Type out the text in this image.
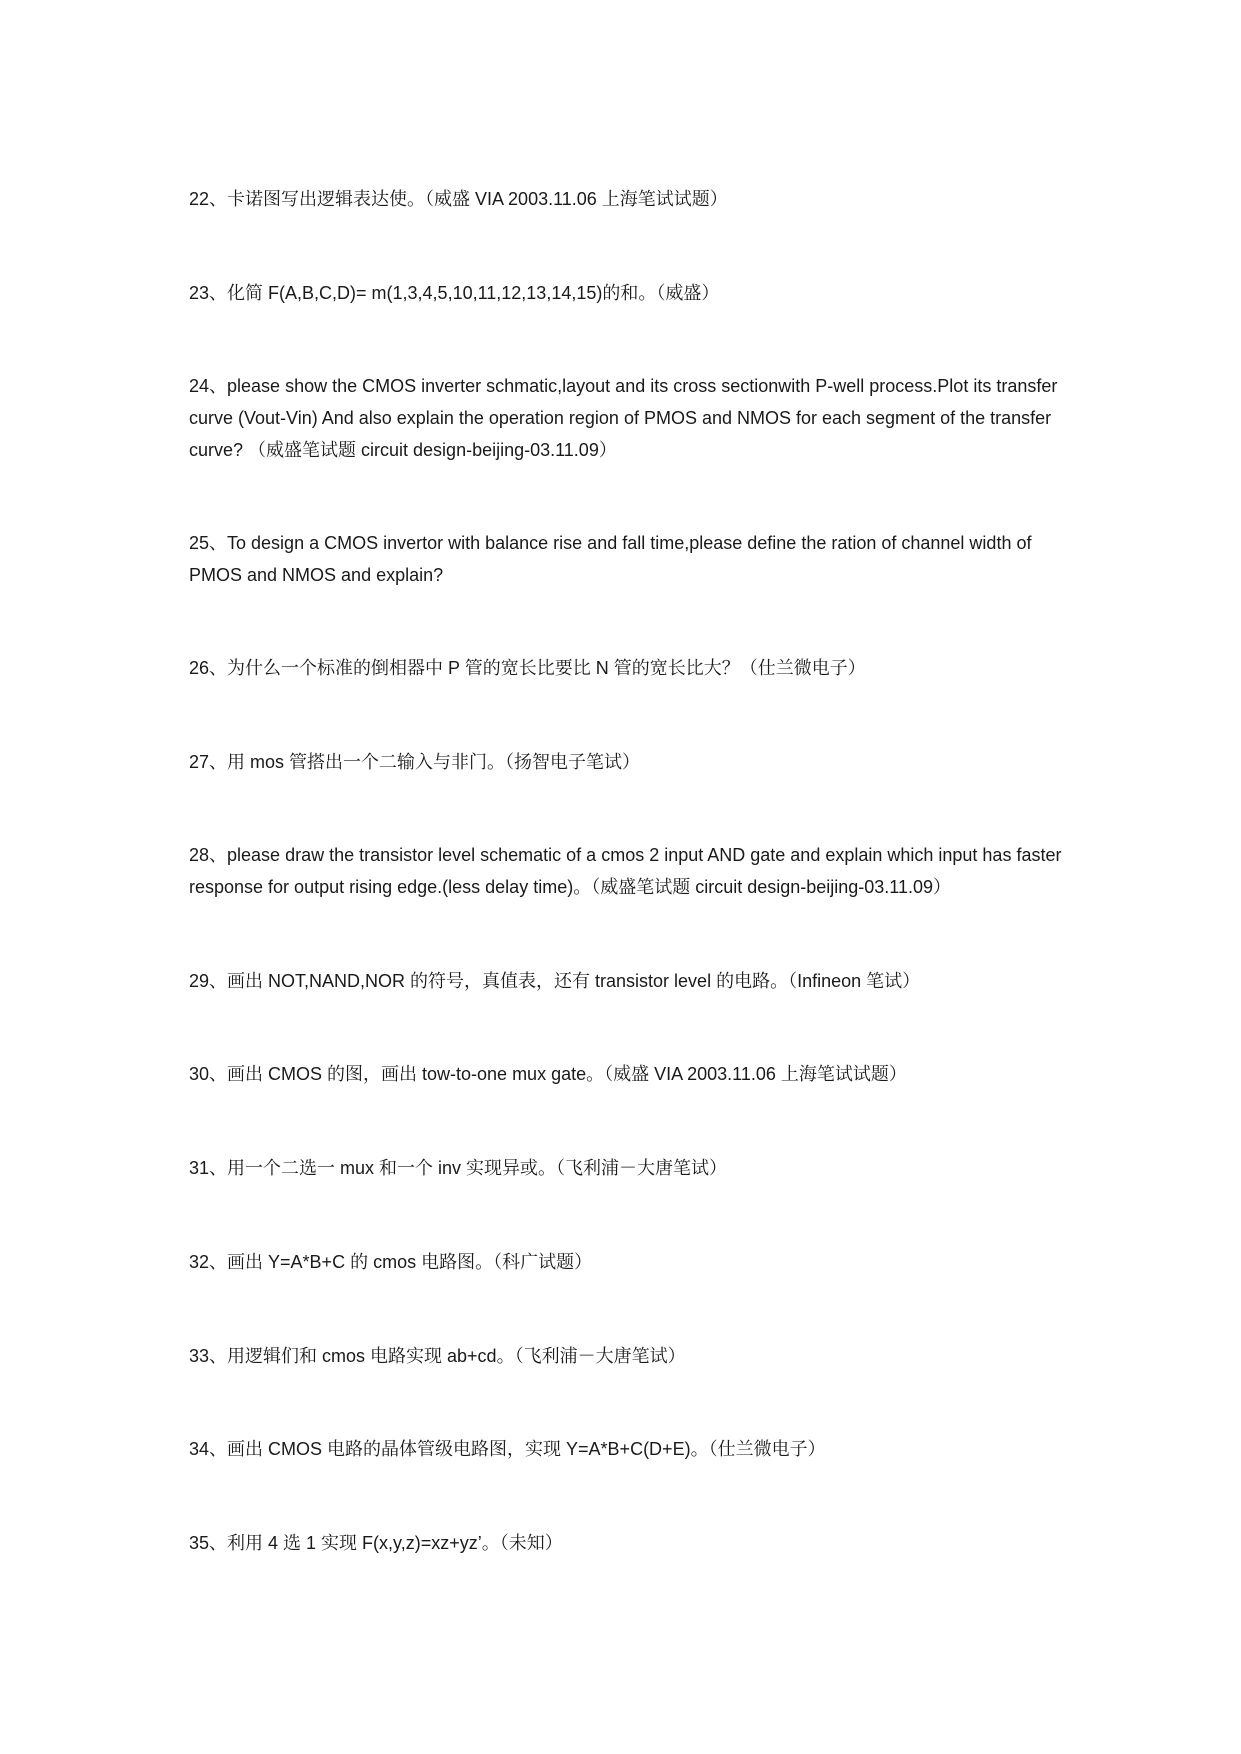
22、卡诺图写出逻辑表达使。（威盛 VIA 2003.11.06 上海笔试试题）

23、化简 F(A,B,C,D)= m(1,3,4,5,10,11,12,13,14,15)的和。（威盛）

24、please show the CMOS inverter schmatic,layout and its cross sectionwith P-well process.Plot its transfer curve (Vout-Vin) And also explain the operation region of PMOS and NMOS for each segment of the transfer curve? （威盛笔试题 circuit design-beijing-03.11.09）

25、To design a CMOS invertor with balance rise and fall time,please define the ration of channel width of PMOS and NMOS and explain?

26、为什么一个标准的倒相器中 P 管的宽长比要比 N 管的宽长比大？（仕兰微电子）

27、用 mos 管搭出一个二输入与非门。（扬智电子笔试）

28、please draw the transistor level schematic of a cmos 2 input AND gate and explain which input has faster response for output rising edge.(less delay time)。（威盛笔试题 circuit design-beijing-03.11.09）

29、画出 NOT,NAND,NOR 的符号，真值表，还有 transistor level 的电路。（Infineon 笔试）

30、画出 CMOS 的图，画出 tow-to-one mux gate。（威盛 VIA 2003.11.06 上海笔试试题）

31、用一个二选一 mux 和一个 inv 实现异或。（飞利浦－大唐笔试）

32、画出 Y=A*B+C 的 cmos 电路图。（科广试题）

33、用逻辑们和 cmos 电路实现 ab+cd。（飞利浦－大唐笔试）

34、画出 CMOS 电路的晶体管级电路图，实现 Y=A*B+C(D+E)。（仕兰微电子）

35、利用 4 选 1 实现 F(x,y,z)=xz+yz’。（未知）
